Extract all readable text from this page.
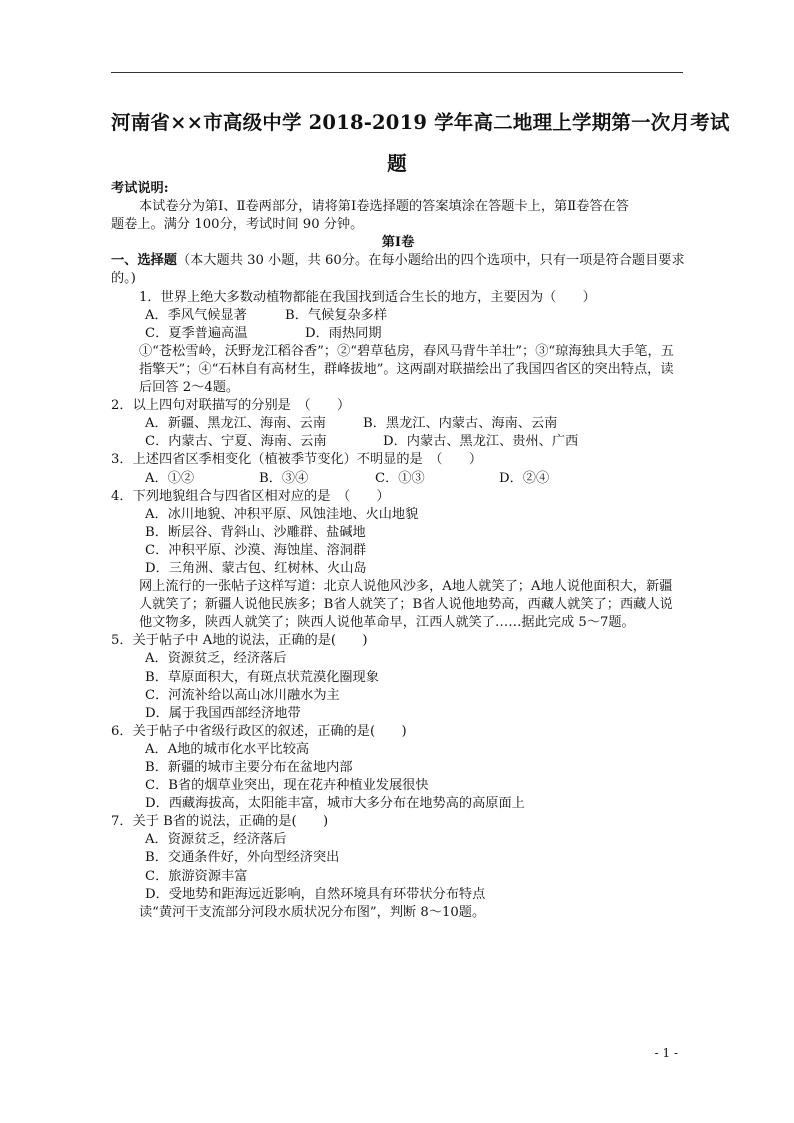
河南省××市高级中学 2018-2019 学年高二地理上学期第一次月考试
题

考试说明:

本试卷分为第Ⅰ、Ⅱ卷两部分，请将第Ⅰ卷选择题的答案填涂在答题卡上，第Ⅱ卷答在答

题卷上。满分 100分，考试时间 90 分钟。

第Ⅰ卷

一、选择题（本大题共 30 小题，共 60分。在每小题给出的四个选项中，只有一项是符合题目要求的。)

1．世界上绝大多数动植物都能在我国找到适合生长的地方，主要因为（　　）

A．季风气候显著	B．气候复杂多样

C．夏季普遍高温	D．雨热同期

①“苍松雪岭，沃野龙江稻谷香”；②“碧草毡房，春风马背牛羊壮”；③“琼海独具大手笔，五指擎天”；④“石林自有高材生，群峰拔地”。这两副对联描绘出了我国四省区的突出特点，读后回答 2～4题。

2．以上四句对联描写的分别是　（　　）

A．新疆、黑龙江、海南、云南	B．黑龙江、内蒙古、海南、云南

C．内蒙古、宁夏、海南、云南	D．内蒙古、黑龙江、贵州、广西

3．上述四省区季相变化（植被季节变化）不明显的是　（　　）

A．①②	B．③④	C．①③	D．②④

4．下列地貌组合与四省区相对应的是　（　　）

A．冰川地貌、冲积平原、风蚀洼地、火山地貌

B．断层谷、背斜山、沙雕群、盐碱地

C．冲积平原、沙漠、海蚀崖、溶洞群

D．三角洲、蒙古包、红树林、火山岛

网上流行的一张帖子这样写道：北京人说他风沙多，A地人就笑了；A地人说他面积大，新疆人就笑了；新疆人说他民族多；B省人就笑了；B省人说他地势高，西藏人就笑了；西藏人说他文物多，陕西人就笑了；陕西人说他革命早，江西人就笑了……据此完成 5～7题。

5．关于帖子中 A地的说法，正确的是(　　)

A．资源贫乏，经济落后

B．草原面积大，有斑点状荒漠化圈现象

C．河流补给以高山冰川融水为主

D．属于我国西部经济地带

6．关于帖子中省级行政区的叙述，正确的是(　　)

A．A地的城市化水平比较高

B．新疆的城市主要分布在盆地内部

C．B省的烟草业突出，现在花卉种植业发展很快

D．西藏海拔高，太阳能丰富，城市大多分布在地势高的高原面上

7．关于 B省的说法，正确的是(　　)

A．资源贫乏，经济落后

B．交通条件好，外向型经济突出

C．旅游资源丰富

D．受地势和距海远近影响，自然环境具有环带状分布特点

读“黄河干支流部分河段水质状况分布图”，判断 8～10题。

- 1 -
